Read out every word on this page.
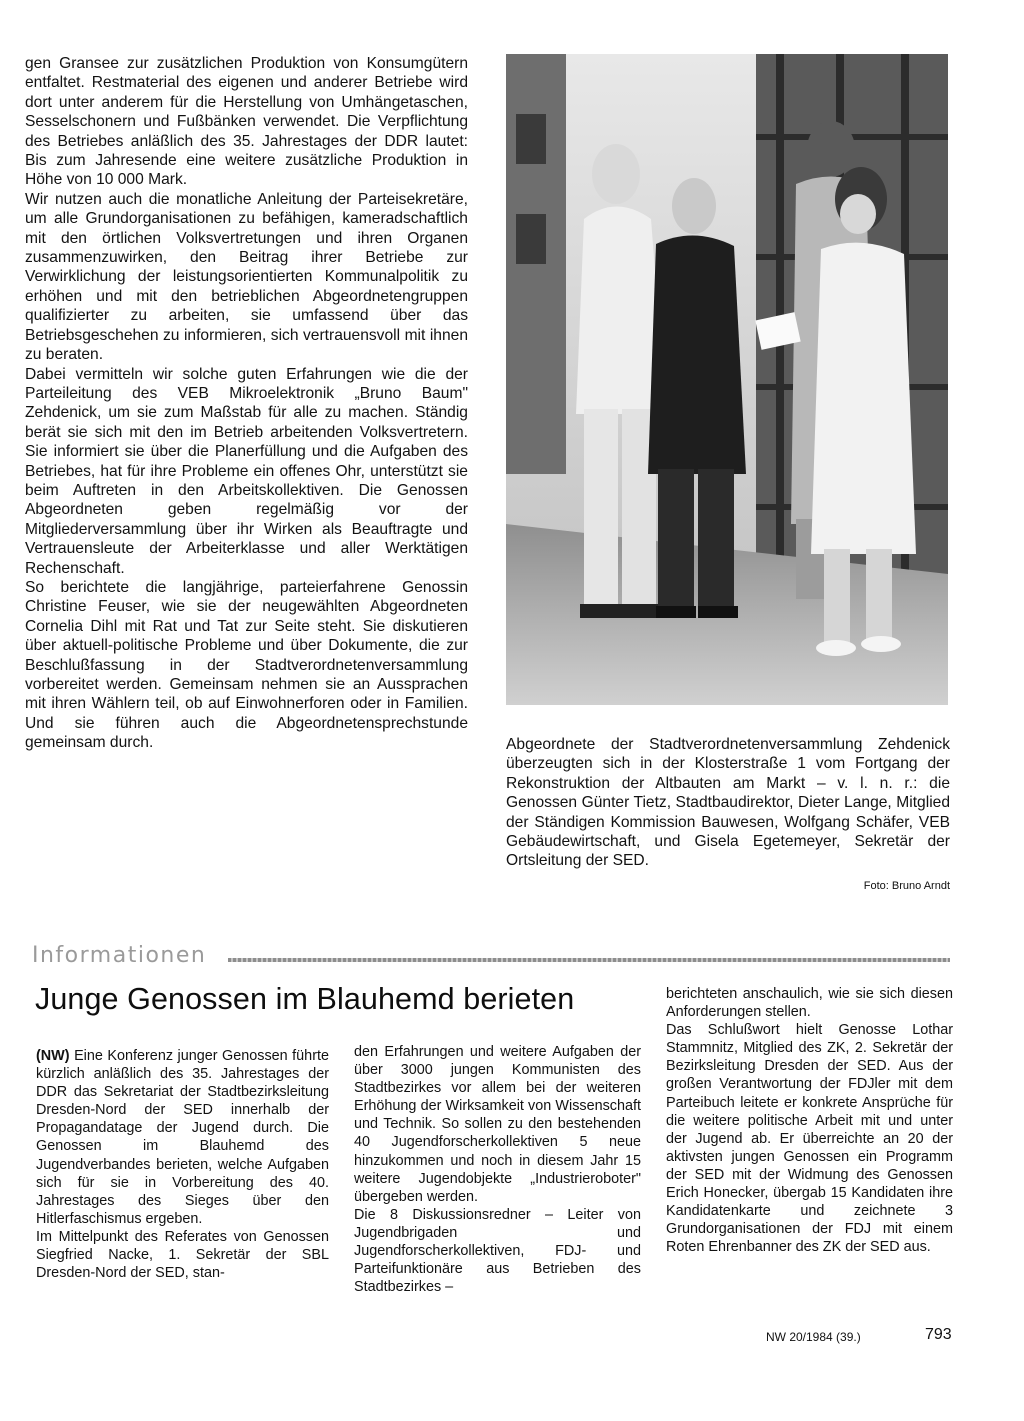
gen Gransee zur zusätzlichen Produktion von Konsumgütern entfaltet. Restmaterial des eigenen und anderer Betriebe wird dort unter anderem für die Herstellung von Umhängetaschen, Sesselschonern und Fußbänken verwendet. Die Verpflichtung des Betriebes anläßlich des 35. Jahrestages der DDR lautet: Bis zum Jahresende eine weitere zusätzliche Produktion in Höhe von 10 000 Mark.

Wir nutzen auch die monatliche Anleitung der Parteisekretäre, um alle Grundorganisationen zu befähigen, kameradschaftlich mit den örtlichen Volksvertretungen und ihren Organen zusammenzuwirken, den Beitrag ihrer Betriebe zur Verwirklichung der leistungsorientierten Kommunalpolitik zu erhöhen und mit den betrieblichen Abgeordnetengruppen qualifizierter zu arbeiten, sie umfassend über das Betriebsgeschehen zu informieren, sich vertrauensvoll mit ihnen zu beraten.

Dabei vermitteln wir solche guten Erfahrungen wie die der Parteileitung des VEB Mikroelektronik „Bruno Baum" Zehdenick, um sie zum Maßstab für alle zu machen. Ständig berät sie sich mit den im Betrieb arbeitenden Volksvertretern. Sie informiert sie über die Planerfüllung und die Aufgaben des Betriebes, hat für ihre Probleme ein offenes Ohr, unterstützt sie beim Auftreten in den Arbeitskollektiven. Die Genossen Abgeordneten geben regelmäßig vor der Mitgliederversammlung über ihr Wirken als Beauftragte und Vertrauensleute der Arbeiterklasse und aller Werktätigen Rechenschaft.

So berichtete die langjährige, parteierfahrene Genossin Christine Feuser, wie sie der neugewählten Abgeordneten Cornelia Dihl mit Rat und Tat zur Seite steht. Sie diskutieren über aktuell-politische Probleme und über Dokumente, die zur Beschlußfassung in der Stadtverordnetenversammlung vorbereitet werden. Gemeinsam nehmen sie an Aussprachen mit ihren Wählern teil, ob auf Einwohnerforen oder in Familien. Und sie führen auch die Abgeordnetensprechstunde gemeinsam durch.	Abgeordnete der Stadtverordnetenversammlung Zehdenick überzeugten sich in der Klosterstraße 1 vom Fortgang der Rekonstruktion der Altbauten am Markt – v. l. n. r.: die Genossen Günter Tietz, Stadtbaudirektor, Dieter Lange, Mitglied der Ständigen Kommission Bauwesen, Wolfgang Schäfer, VEB Gebäudewirtschaft, und Gisela Egetemeyer, Sekretär der Ortsleitung der SED.
Foto: Bruno Arndt
Informationen
Junge Genossen im Blauhemd berieten

(NW) Eine Konferenz junger Genossen führte kürzlich anläßlich des 35. Jahrestages der DDR das Sekretariat der Stadtbezirksleitung Dresden-Nord der SED innerhalb der Propagandatage der Jugend durch. Die Genossen im Blauhemd des Jugendverbandes berieten, welche Aufgaben sich für sie in Vorbereitung des 40. Jahrestages des Sieges über den Hitlerfaschismus ergeben.

Im Mittelpunkt des Referates von Genossen Siegfried Nacke, 1. Sekretär der SBL Dresden-Nord der SED, stan-

den Erfahrungen und weitere Aufgaben der über 3000 jungen Kommunisten des Stadtbezirkes vor allem bei der weiteren Erhöhung der Wirksamkeit von Wissenschaft und Technik. So sollen zu den bestehenden 40 Jugendforscherkollektiven 5 neue hinzukommen und noch in diesem Jahr 15 weitere Jugendobjekte „Industrieroboter" übergeben werden.

Die 8 Diskussionsredner – Leiter von Jugendbrigaden und Jugendforscherkollektiven, FDJ- und Parteifunktionäre aus Betrieben des Stadtbezirkes –

berichteten anschaulich, wie sie sich diesen Anforderungen stellen.

Das Schlußwort hielt Genosse Lothar Stammnitz, Mitglied des ZK, 2. Sekretär der Bezirksleitung Dresden der SED. Aus der großen Verantwortung der FDJler mit dem Parteibuch leitete er konkrete Ansprüche für die weitere politische Arbeit mit und unter der Jugend ab. Er überreichte an 20 der aktivsten jungen Genossen ein Programm der SED mit der Widmung des Genossen Erich Honecker, übergab 15 Kandidaten ihre Kandidatenkarte und zeichnete 3 Grundorganisationen der FDJ mit einem Roten Ehrenbanner des ZK der SED aus.

NW 20/1984 (39.)	793
